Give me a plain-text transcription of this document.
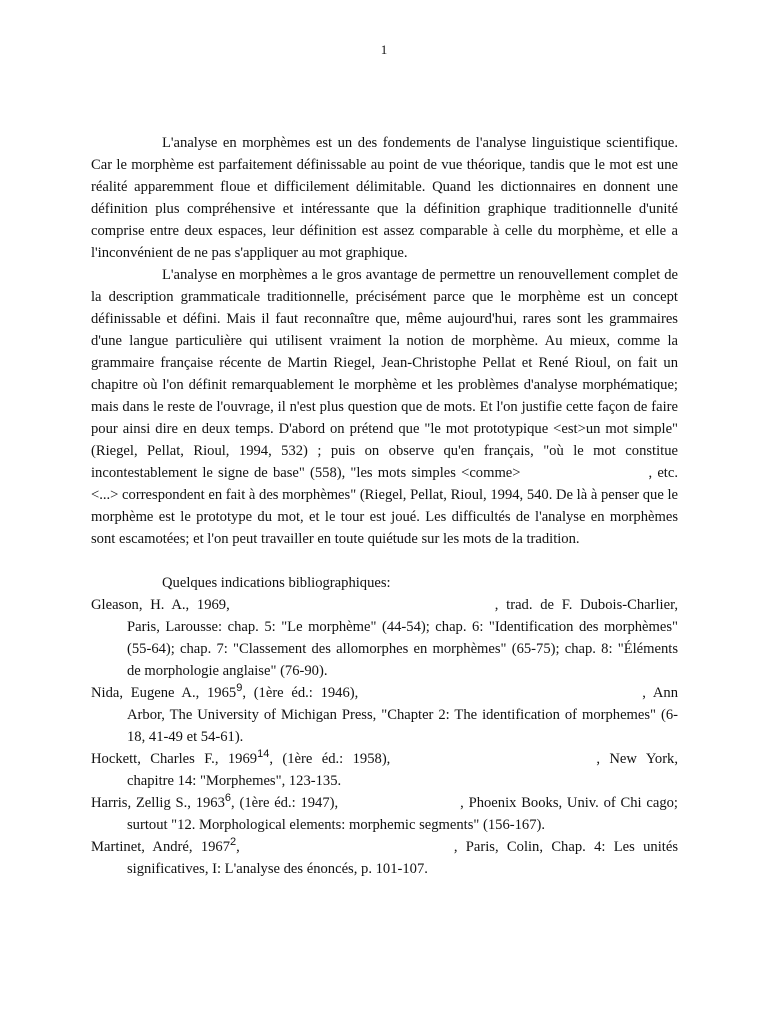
1

L'analyse en morphèmes est un des fondements de l'analyse linguistique scientifique. Car le morphème est parfaitement définissable au point de vue théorique, tandis que le mot est une réalité apparemment floue et difficilement délimitable. Quand les dictionnaires en donnent une définition plus compréhensive et intéressante que la définition graphique traditionnelle d'unité comprise entre deux espaces, leur définition est assez comparable à celle du morphème, et elle a l'inconvénient de ne pas s'appliquer au mot graphique.

L'analyse en morphèmes a le gros avantage de permettre un renouvellement complet de la description grammaticale traditionnelle, précisément parce que le morphème est un concept définissable et défini. Mais il faut reconnaître que, même aujourd'hui, rares sont les grammaires d'une langue particulière qui utilisent vraiment la notion de morphème. Au mieux, comme la grammaire française récente de Martin Riegel, Jean-Christophe Pellat et René Rioul, on fait un chapitre où l'on définit remarquablement le morphème et les problèmes d'analyse morphématique; mais dans le reste de l'ouvrage, il n'est plus question que de mots. Et l'on justifie cette façon de faire pour ainsi dire en deux temps. D'abord on prétend que "le mot prototypique <est>un mot simple" (Riegel, Pellat, Rioul, 1994, 532) ; puis on observe qu'en français, "où le mot constitue incontestablement le signe de base" (558), "les mots simples <comme>	, etc. <...> correspondent en fait à des morphèmes" (Riegel, Pellat, Rioul, 1994, 540. De là à penser que le morphème est le prototype du mot, et le tour est joué. Les difficultés de l'analyse en morphèmes sont escamotées; et l'on peut travailler en toute quiétude sur les mots de la tradition.

Quelques indications bibliographiques:

Gleason, H. A., 1969,	, trad. de F. Dubois-Charlier, Paris, Larousse: chap. 5: "Le morphème" (44-54); chap. 6: "Identification des morphèmes" (55-64); chap. 7: "Classement des allomorphes en morphèmes" (65-75); chap. 8: "Éléments de morphologie anglaise" (76-90).
Nida, Eugene A., 1965$^9$, (1ère éd.: 1946),	, Ann Arbor, The University of Michigan Press, "Chapter 2: The identification of morphemes" (6-18, 41-49 et 54-61).
Hockett, Charles F., 1969$^{14}$, (1ère éd.: 1958),	, New York, chapitre 14: "Morphemes", 123-135.
Harris, Zellig S., 1963$^6$, (1ère éd.: 1947),	, Phoenix Books, Univ. of Chi cago; surtout "12. Morphological elements: morphemic segments" (156-167).
Martinet, André, 1967$^2$,	, Paris, Colin, Chap. 4: Les unités significatives, I: L'analyse des énoncés, p. 101-107.
